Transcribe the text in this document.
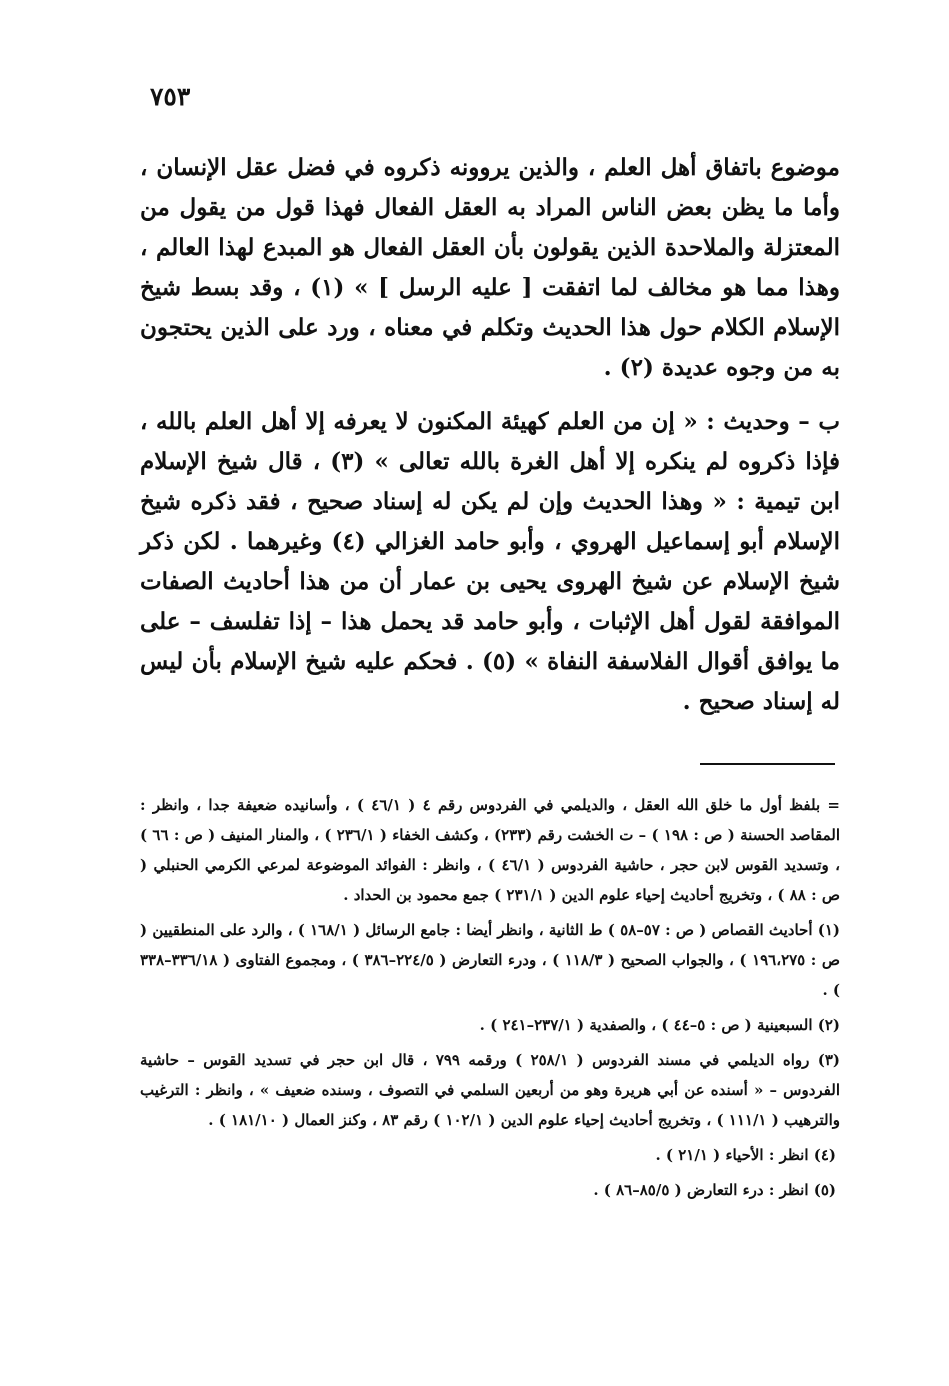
٧٥٣

موضوع باتفاق أهل العلم ، والذين يروونه ذكروه في فضل عقل الإنسان ، وأما ما يظن بعض الناس المراد به العقل الفعال فهذا قول من يقول من المعتزلة والملاحدة الذين يقولون بأن العقل الفعال هو المبدع لهذا العالم ، وهذا مما هو مخالف لما اتفقت [ عليه الرسل ] » (١) ، وقد بسط شيخ الإسلام الكلام حول هذا الحديث وتكلم في معناه ، ورد على الذين يحتجون به من وجوه عديدة (٢) .

ب – وحديث : « إن من العلم كهيئة المكنون لا يعرفه إلا أهل العلم بالله ، فإذا ذكروه لم ينكره إلا أهل الغرة بالله تعالى » (٣) ، قال شيخ الإسلام ابن تيمية : « وهذا الحديث وإن لم يكن له إسناد صحيح ، فقد ذكره شيخ الإسلام أبو إسماعيل الهروي ، وأبو حامد الغزالي (٤) وغيرهما . لكن ذكر شيخ الإسلام عن شيخ الهروى يحيى بن عمار أن من هذا أحاديث الصفات الموافقة لقول أهل الإثبات ، وأبو حامد قد يحمل هذا – إذا تفلسف – على ما يوافق أقوال الفلاسفة النفاة » (٥) . فحكم عليه شيخ الإسلام بأن ليس له إسناد صحيح .

= بلفظ أول ما خلق الله العقل ، والديلمي في الفردوس رقم ٤ ( ٤٦/١ ) ، وأسانيده ضعيفة جدا ، وانظر : المقاصد الحسنة ( ص : ١٩٨ ) – ت الخشت رقم (٢٣٣) ، وكشف الخفاء ( ٢٣٦/١ ) ، والمنار المنيف ( ص : ٦٦ ) ، وتسديد القوس لابن حجر ، حاشية الفردوس ( ٤٦/١ ) ، وانظر : الفوائد الموضوعة لمرعي الكرمي الحنبلي ( ص : ٨٨ ) ، وتخريج أحاديث إحياء علوم الدين ( ٢٣١/١ ) جمع محمود بن الحداد .

(١) أحاديث القصاص ( ص : ٥٧–٥٨ ) ط الثانية ، وانظر أيضا : جامع الرسائل ( ١٦٨/١ ) ، والرد على المنطقيين ( ص : ١٩٦،٢٧٥ ) ، والجواب الصحيح ( ١١٨/٣ ) ، ودرء التعارض ( ٢٢٤/٥–٣٨٦ ) ، ومجموع الفتاوى ( ٣٣٦/١٨–٣٣٨ ) .

(٢) السبعينية ( ص : ٥–٤٤ ) ، والصفدية ( ٢٣٧/١–٢٤١ ) .

(٣) رواه الديلمي في مسند الفردوس ( ٢٥٨/١ ) ورقمه ٧٩٩ ، قال ابن حجر في تسديد القوس – حاشية الفردوس – « أسنده عن أبي هريرة وهو من أربعين السلمي في التصوف ، وسنده ضعيف » ، وانظر : الترغيب والترهيب ( ١١١/١ ) ، وتخريج أحاديث إحياء علوم الدين ( ١٠٢/١ ) رقم ٨٣ ، وكنز العمال ( ١٨١/١٠ ) .

(٤) انظر : الأحياء ( ٢١/١ ) .

(٥) انظر : درء التعارض ( ٨٥/٥–٨٦ ) .
